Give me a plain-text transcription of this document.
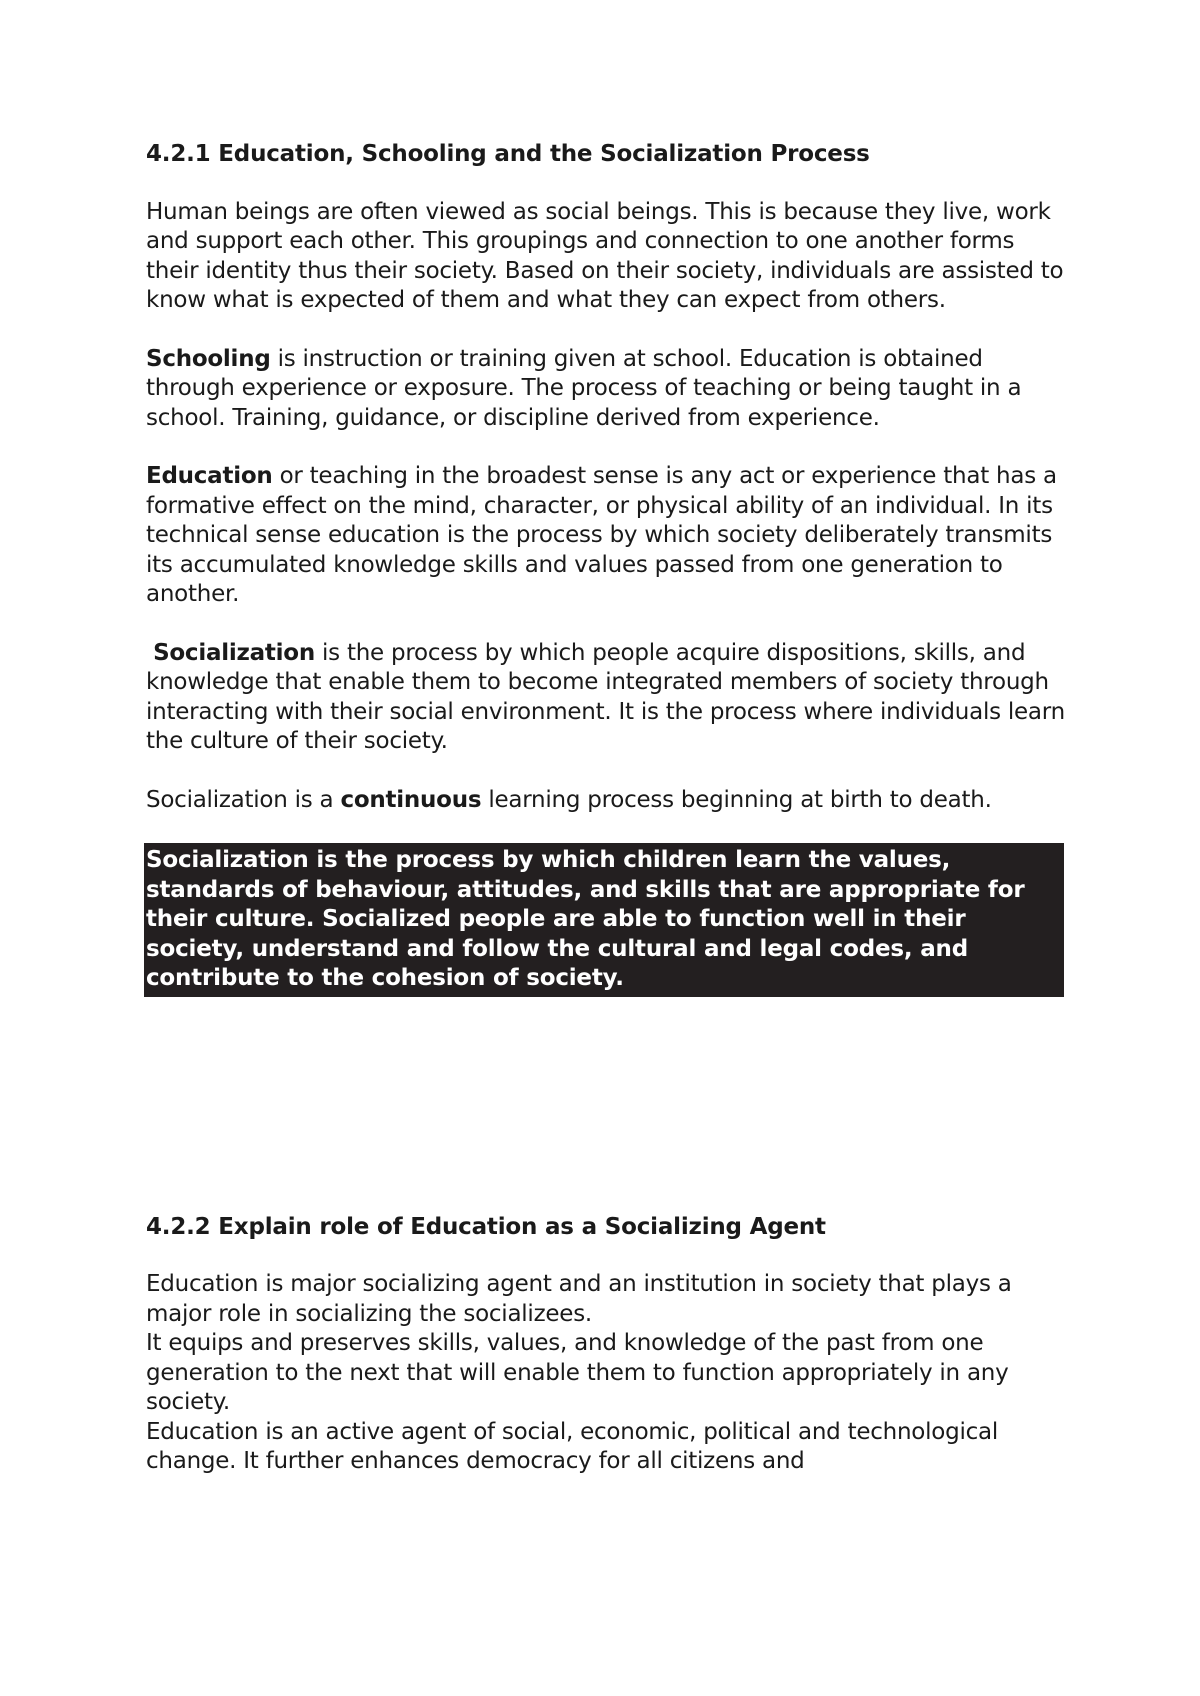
4.2.1 Education, Schooling and the Socialization Process

Human beings are often viewed as social beings. This is because they live, work and support each other. This groupings and connection to one another forms their identity thus their society. Based on their society, individuals are assisted to know what is expected of them and what they can expect from others.

Schooling is instruction or training given at school. Education is obtained through experience or exposure. The process of teaching or being taught in a school. Training, guidance, or discipline derived from experience.

Education or teaching in the broadest sense is any act or experience that has a formative effect on the mind, character, or physical ability of an individual. In its technical sense education is the process by which society deliberately transmits its accumulated knowledge skills and values passed from one generation to another.

Socialization is the process by which people acquire dispositions, skills, and knowledge that enable them to become integrated members of society through interacting with their social environment. It is the process where individuals learn the culture of their society.

Socialization is a continuous learning process beginning at birth to death.

Socialization is the process by which children learn the values, standards of behaviour, attitudes, and skills that are appropriate for their culture. Socialized people are able to function well in their society, understand and follow the cultural and legal codes, and contribute to the cohesion of society.

4.2.2 Explain role of Education as a Socializing Agent

Education is major socializing agent and an institution in society that plays a major role in socializing the socializees.

It equips and preserves skills, values, and knowledge of the past from one generation to the next that will enable them to function appropriately in any society.

Education is an active agent of social, economic, political and technological change. It further enhances democracy for all citizens and
